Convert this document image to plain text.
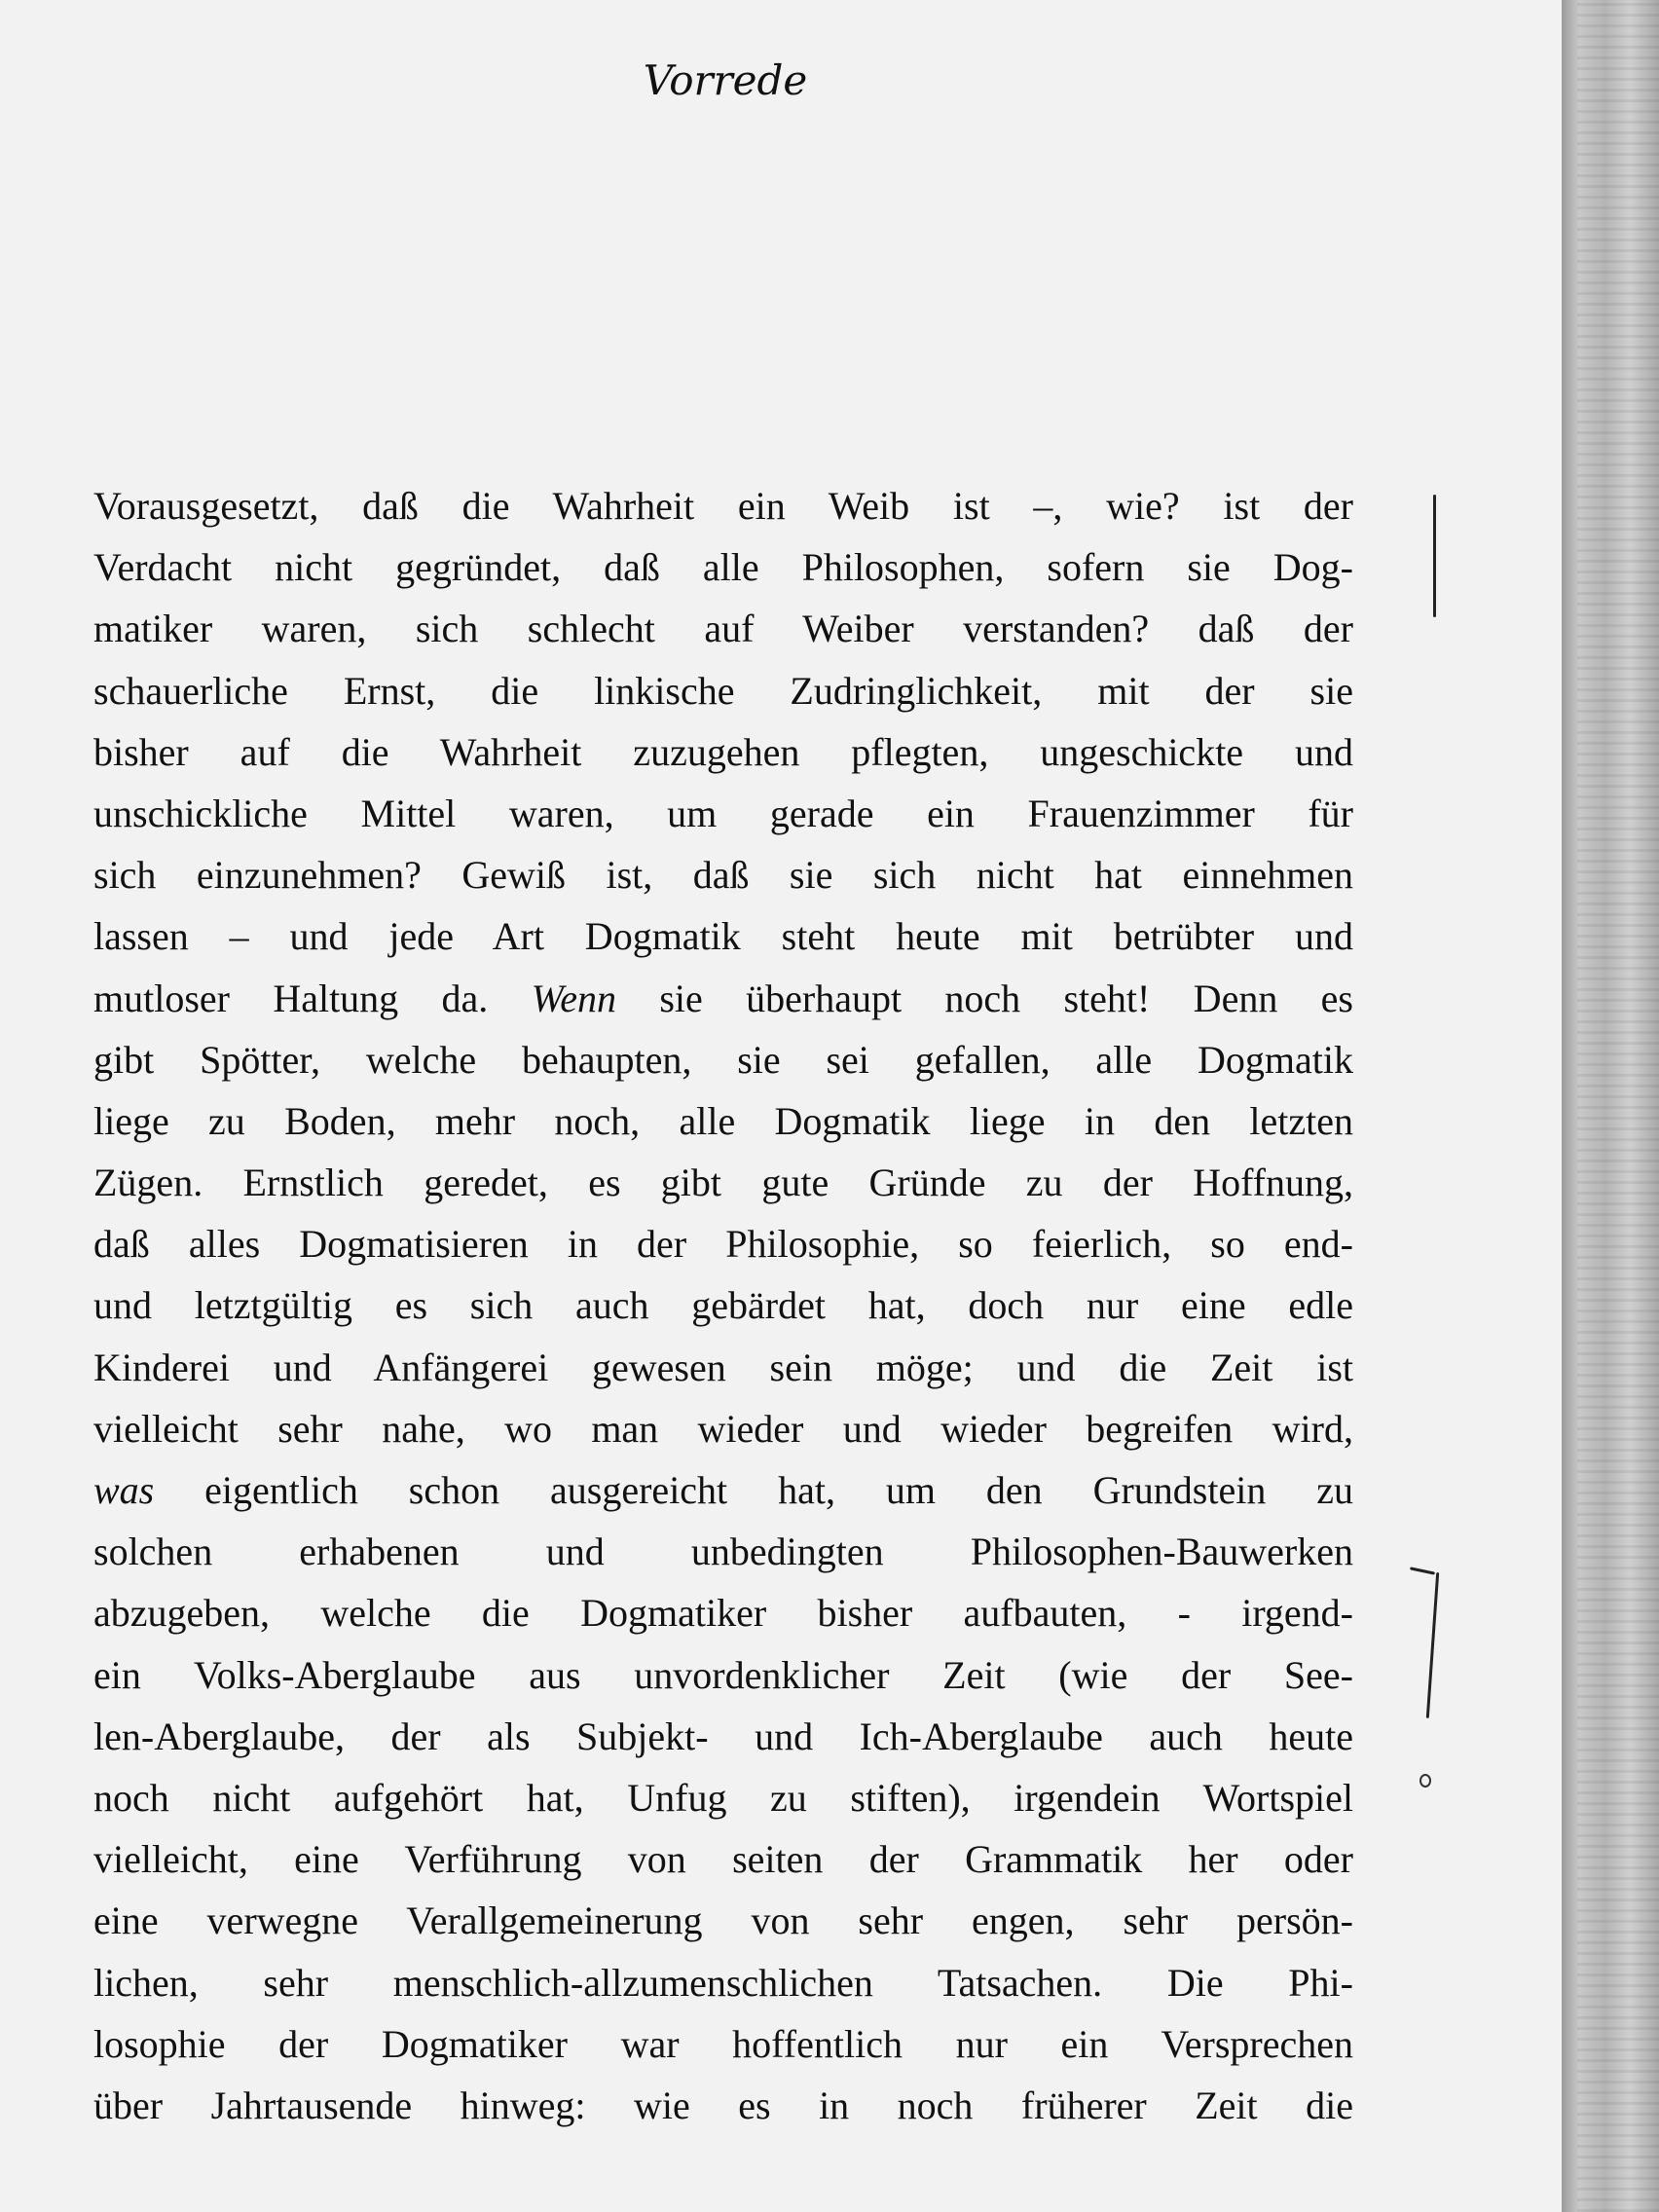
Vorrede
Vorausgesetzt, daß die Wahrheit ein Weib ist –, wie? ist der
Verdacht nicht gegründet, daß alle Philosophen, sofern sie Dog-
matiker waren, sich schlecht auf Weiber verstanden? daß der
schauerliche Ernst, die linkische Zudringlichkeit, mit der sie
bisher auf die Wahrheit zuzugehen pflegten, ungeschickte und
unschickliche Mittel waren, um gerade ein Frauenzimmer für
sich einzunehmen? Gewiß ist, daß sie sich nicht hat einnehmen
lassen – und jede Art Dogmatik steht heute mit betrübter und
mutloser Haltung da. Wenn sie überhaupt noch steht! Denn es
gibt Spötter, welche behaupten, sie sei gefallen, alle Dogmatik
liege zu Boden, mehr noch, alle Dogmatik liege in den letzten
Zügen. Ernstlich geredet, es gibt gute Gründe zu der Hoffnung,
daß alles Dogmatisieren in der Philosophie, so feierlich, so end-
und letztgültig es sich auch gebärdet hat, doch nur eine edle
Kinderei und Anfängerei gewesen sein möge; und die Zeit ist
vielleicht sehr nahe, wo man wieder und wieder begreifen wird,
was eigentlich schon ausgereicht hat, um den Grundstein zu
solchen erhabenen und unbedingten Philosophen-Bauwerken
abzugeben, welche die Dogmatiker bisher aufbauten, - irgend-
ein Volks-Aberglaube aus unvordenklicher Zeit (wie der See-
len-Aberglaube, der als Subjekt- und Ich-Aberglaube auch heute
noch nicht aufgehört hat, Unfug zu stiften), irgendein Wortspiel
vielleicht, eine Verführung von seiten der Grammatik her oder
eine verwegne Verallgemeinerung von sehr engen, sehr persön-
lichen, sehr menschlich-allzumenschlichen Tatsachen. Die Phi-
losophie der Dogmatiker war hoffentlich nur ein Versprechen
über Jahrtausende hinweg: wie es in noch früherer Zeit die
